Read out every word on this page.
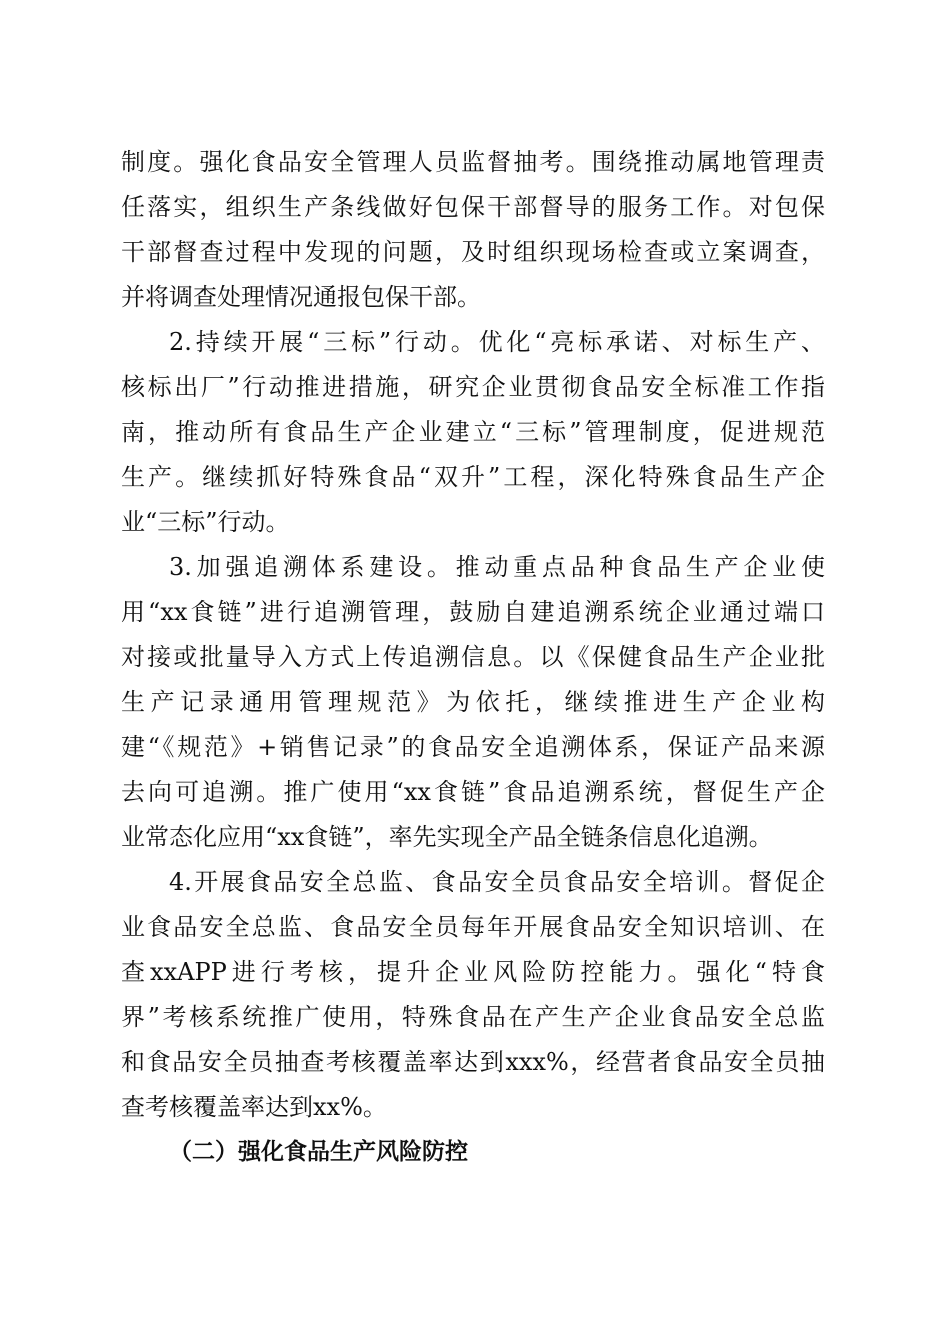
制度。强化食品安全管理人员监督抽考。围绕推动属地管理责
任落实，组织生产条线做好包保干部督导的服务工作。对包保
干部督查过程中发现的问题，及时组织现场检查或立案调查，
并将调查处理情况通报包保干部。
2.持续开展“三标”行动。优化“亮标承诺、对标生产、
核标出厂”行动推进措施，研究企业贯彻食品安全标准工作指
南，推动所有食品生产企业建立“三标”管理制度，促进规范
生产。继续抓好特殊食品“双升”工程，深化特殊食品生产企
业“三标”行动。
3.加强追溯体系建设。推动重点品种食品生产企业使
用“xx食链”进行追溯管理，鼓励自建追溯系统企业通过端口
对接或批量导入方式上传追溯信息。以《保健食品生产企业批
生产记录通用管理规范》为依托，继续推进生产企业构
建“《规范》+销售记录”的食品安全追溯体系，保证产品来源
去向可追溯。推广使用“xx食链”食品追溯系统，督促生产企
业常态化应用“xx食链”，率先实现全产品全链条信息化追溯。
4.开展食品安全总监、食品安全员食品安全培训。督促企
业食品安全总监、食品安全员每年开展食品安全知识培训、在
查xxAPP进行考核，提升企业风险防控能力。强化“特食
界”考核系统推广使用，特殊食品在产生产企业食品安全总监
和食品安全员抽查考核覆盖率达到xxx%，经营者食品安全员抽
查考核覆盖率达到xx%。
（二）强化食品生产风险防控
